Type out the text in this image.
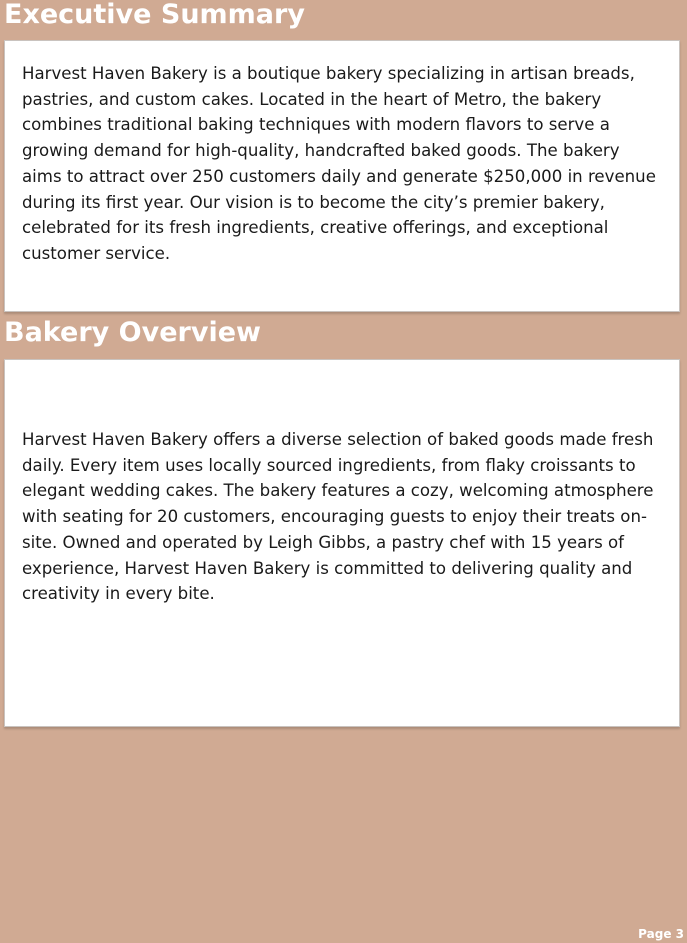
Executive Summary

Harvest Haven Bakery is a boutique bakery specializing in artisan breads, pastries, and custom cakes. Located in the heart of Metro, the bakery combines traditional baking techniques with modern flavors to serve a growing demand for high-quality, handcrafted baked goods. The bakery aims to attract over 250 customers daily and generate $250,000 in revenue during its first year. Our vision is to become the city’s premier bakery, celebrated for its fresh ingredients, creative offerings, and exceptional customer service.

Bakery Overview

Harvest Haven Bakery offers a diverse selection of baked goods made fresh daily. Every item uses locally sourced ingredients, from flaky croissants to elegant wedding cakes. The bakery features a cozy, welcoming atmosphere with seating for 20 customers, encouraging guests to enjoy their treats on-site. Owned and operated by Leigh Gibbs, a pastry chef with 15 years of experience, Harvest Haven Bakery is committed to delivering quality and creativity in every bite.

Page 3
